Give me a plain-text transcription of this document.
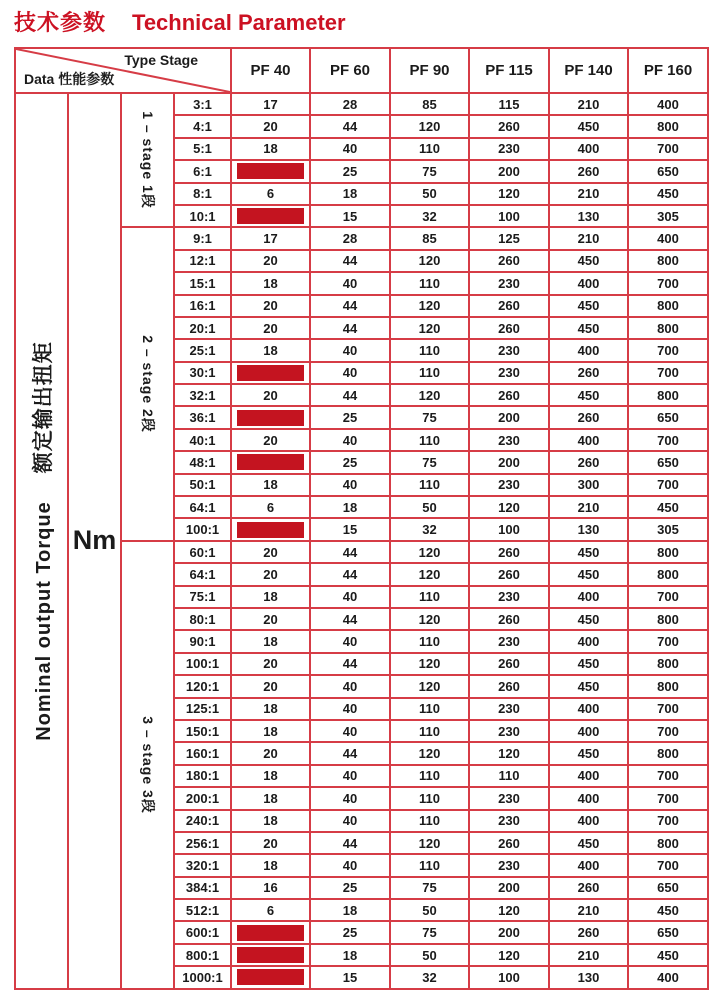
技术参数 Technical Parameter
Type Stage
Data 性能参数				PF 40	PF 60	PF 90	PF 115	PF 140	PF 160

Nominal output Torque额定输出扭矩	Nm	1 – stage 1段	3:1	17	28	85	115	210	400
			4:1	20	44	120	260	450	800
			5:1	18	40	110	230	400	700
			6:1		25	75	200	260	650
			8:1	6	18	50	120	210	450
			10:1		15	32	100	130	305

		2 – stage 2段	9:1	17	28	85	125	210	400
			12:1	20	44	120	260	450	800
			15:1	18	40	110	230	400	700
			16:1	20	44	120	260	450	800
			20:1	20	44	120	260	450	800
			25:1	18	40	110	230	400	700
			30:1		40	110	230	260	700
			32:1	20	44	120	260	450	800
			36:1		25	75	200	260	650
			40:1	20	40	110	230	400	700
			48:1		25	75	200	260	650
			50:1	18	40	110	230	300	700
			64:1	6	18	50	120	210	450
			100:1		15	32	100	130	305

		3 – stage 3段	60:1	20	44	120	260	450	800
			64:1	20	44	120	260	450	800
			75:1	18	40	110	230	400	700
			80:1	20	44	120	260	450	800
			90:1	18	40	110	230	400	700
			100:1	20	44	120	260	450	800
			120:1	20	40	120	260	450	800
			125:1	18	40	110	230	400	700
			150:1	18	40	110	230	400	700
			160:1	20	44	120	120	450	800
			180:1	18	40	110	110	400	700
			200:1	18	40	110	230	400	700
			240:1	18	40	110	230	400	700
			256:1	20	44	120	260	450	800
			320:1	18	40	110	230	400	700
			384:1	16	25	75	200	260	650
			512:1	6	18	50	120	210	450
			600:1		25	75	200	260	650
			800:1		18	50	120	210	450
			1000:1		15	32	100	130	400
